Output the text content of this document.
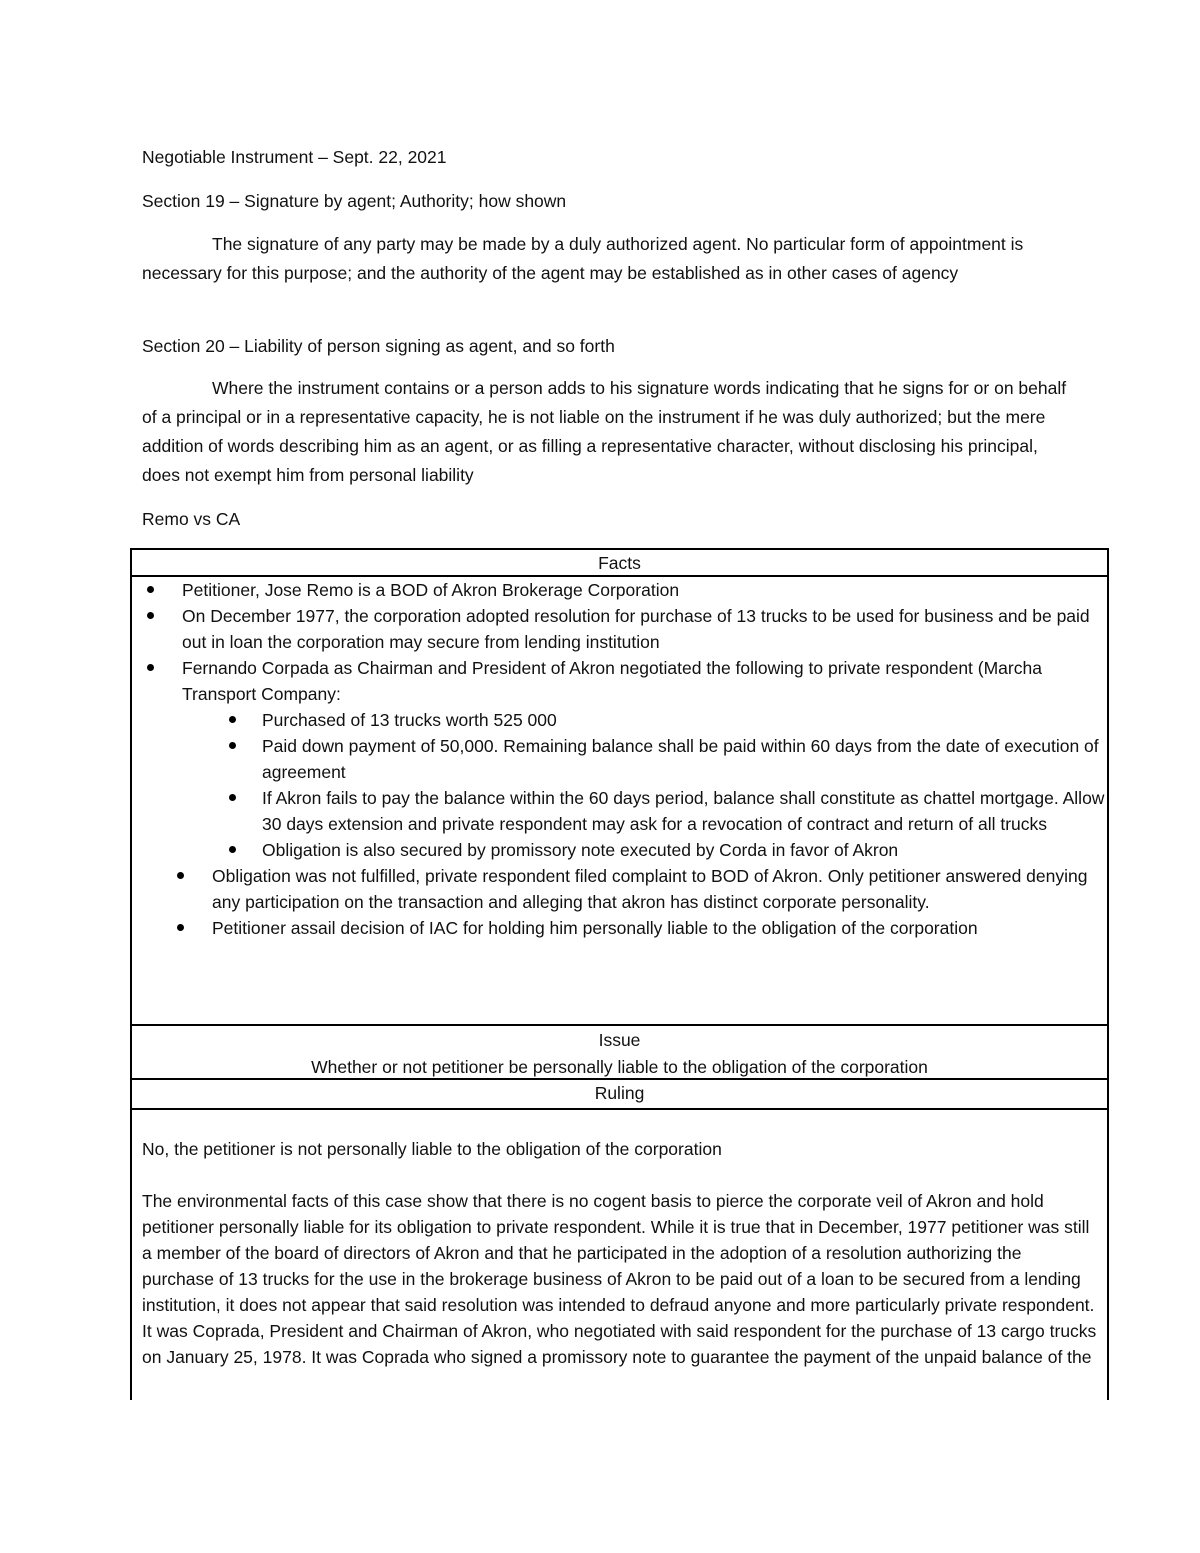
Negotiable Instrument – Sept. 22, 2021
Section 19 – Signature by agent; Authority; how shown

The signature of any party may be made by a duly authorized agent. No particular form of appointment is necessary for this purpose; and the authority of the agent may be established as in other cases of agency

Section 20 – Liability of person signing as agent, and so forth

Where the instrument contains or a person adds to his signature words indicating that he signs for or on behalf of a principal or in a representative capacity, he is not liable on the instrument if he was duly authorized; but the mere addition of words describing him as an agent, or as filling a representative character, without disclosing his principal, does not exempt him from personal liability

Remo vs CA
Facts
Petitioner, Jose Remo is a BOD of Akron Brokerage Corporation
On December 1977, the corporation adopted resolution for purchase of 13 trucks to be used for business and be paid out in loan the corporation may secure from lending institution
Fernando Corpada as Chairman and President of Akron negotiated the following to private respondent (Marcha Transport Company:
Purchased of 13 trucks worth 525 000
Paid down payment of 50,000. Remaining balance shall be paid within 60 days from the date of execution of agreement
If Akron fails to pay the balance within the 60 days period, balance shall constitute as chattel mortgage. Allow 30 days extension and private respondent may ask for a revocation of contract and return of all trucks
Obligation is also secured by promissory note executed by Corda in favor of Akron
Obligation was not fulfilled, private respondent filed complaint to BOD of Akron. Only petitioner answered denying any participation on the transaction and alleging that akron has distinct corporate personality.
Petitioner assail decision of IAC for holding him personally liable to the obligation of the corporation
Issue
Whether or not petitioner be personally liable to the obligation of the corporation
Ruling

No, the petitioner is not personally liable to the obligation of the corporation

The environmental facts of this case show that there is no cogent basis to pierce the corporate veil of Akron and hold petitioner personally liable for its obligation to private respondent. While it is true that in December, 1977 petitioner was still a member of the board of directors of Akron and that he participated in the adoption of a resolution authorizing the purchase of 13 trucks for the use in the brokerage business of Akron to be paid out of a loan to be secured from a lending institution, it does not appear that said resolution was intended to defraud anyone and more particularly private respondent. It was Coprada, President and Chairman of Akron, who negotiated with said respondent for the purchase of 13 cargo trucks on January 25, 1978. It was Coprada who signed a promissory note to guarantee the payment of the unpaid balance of the
